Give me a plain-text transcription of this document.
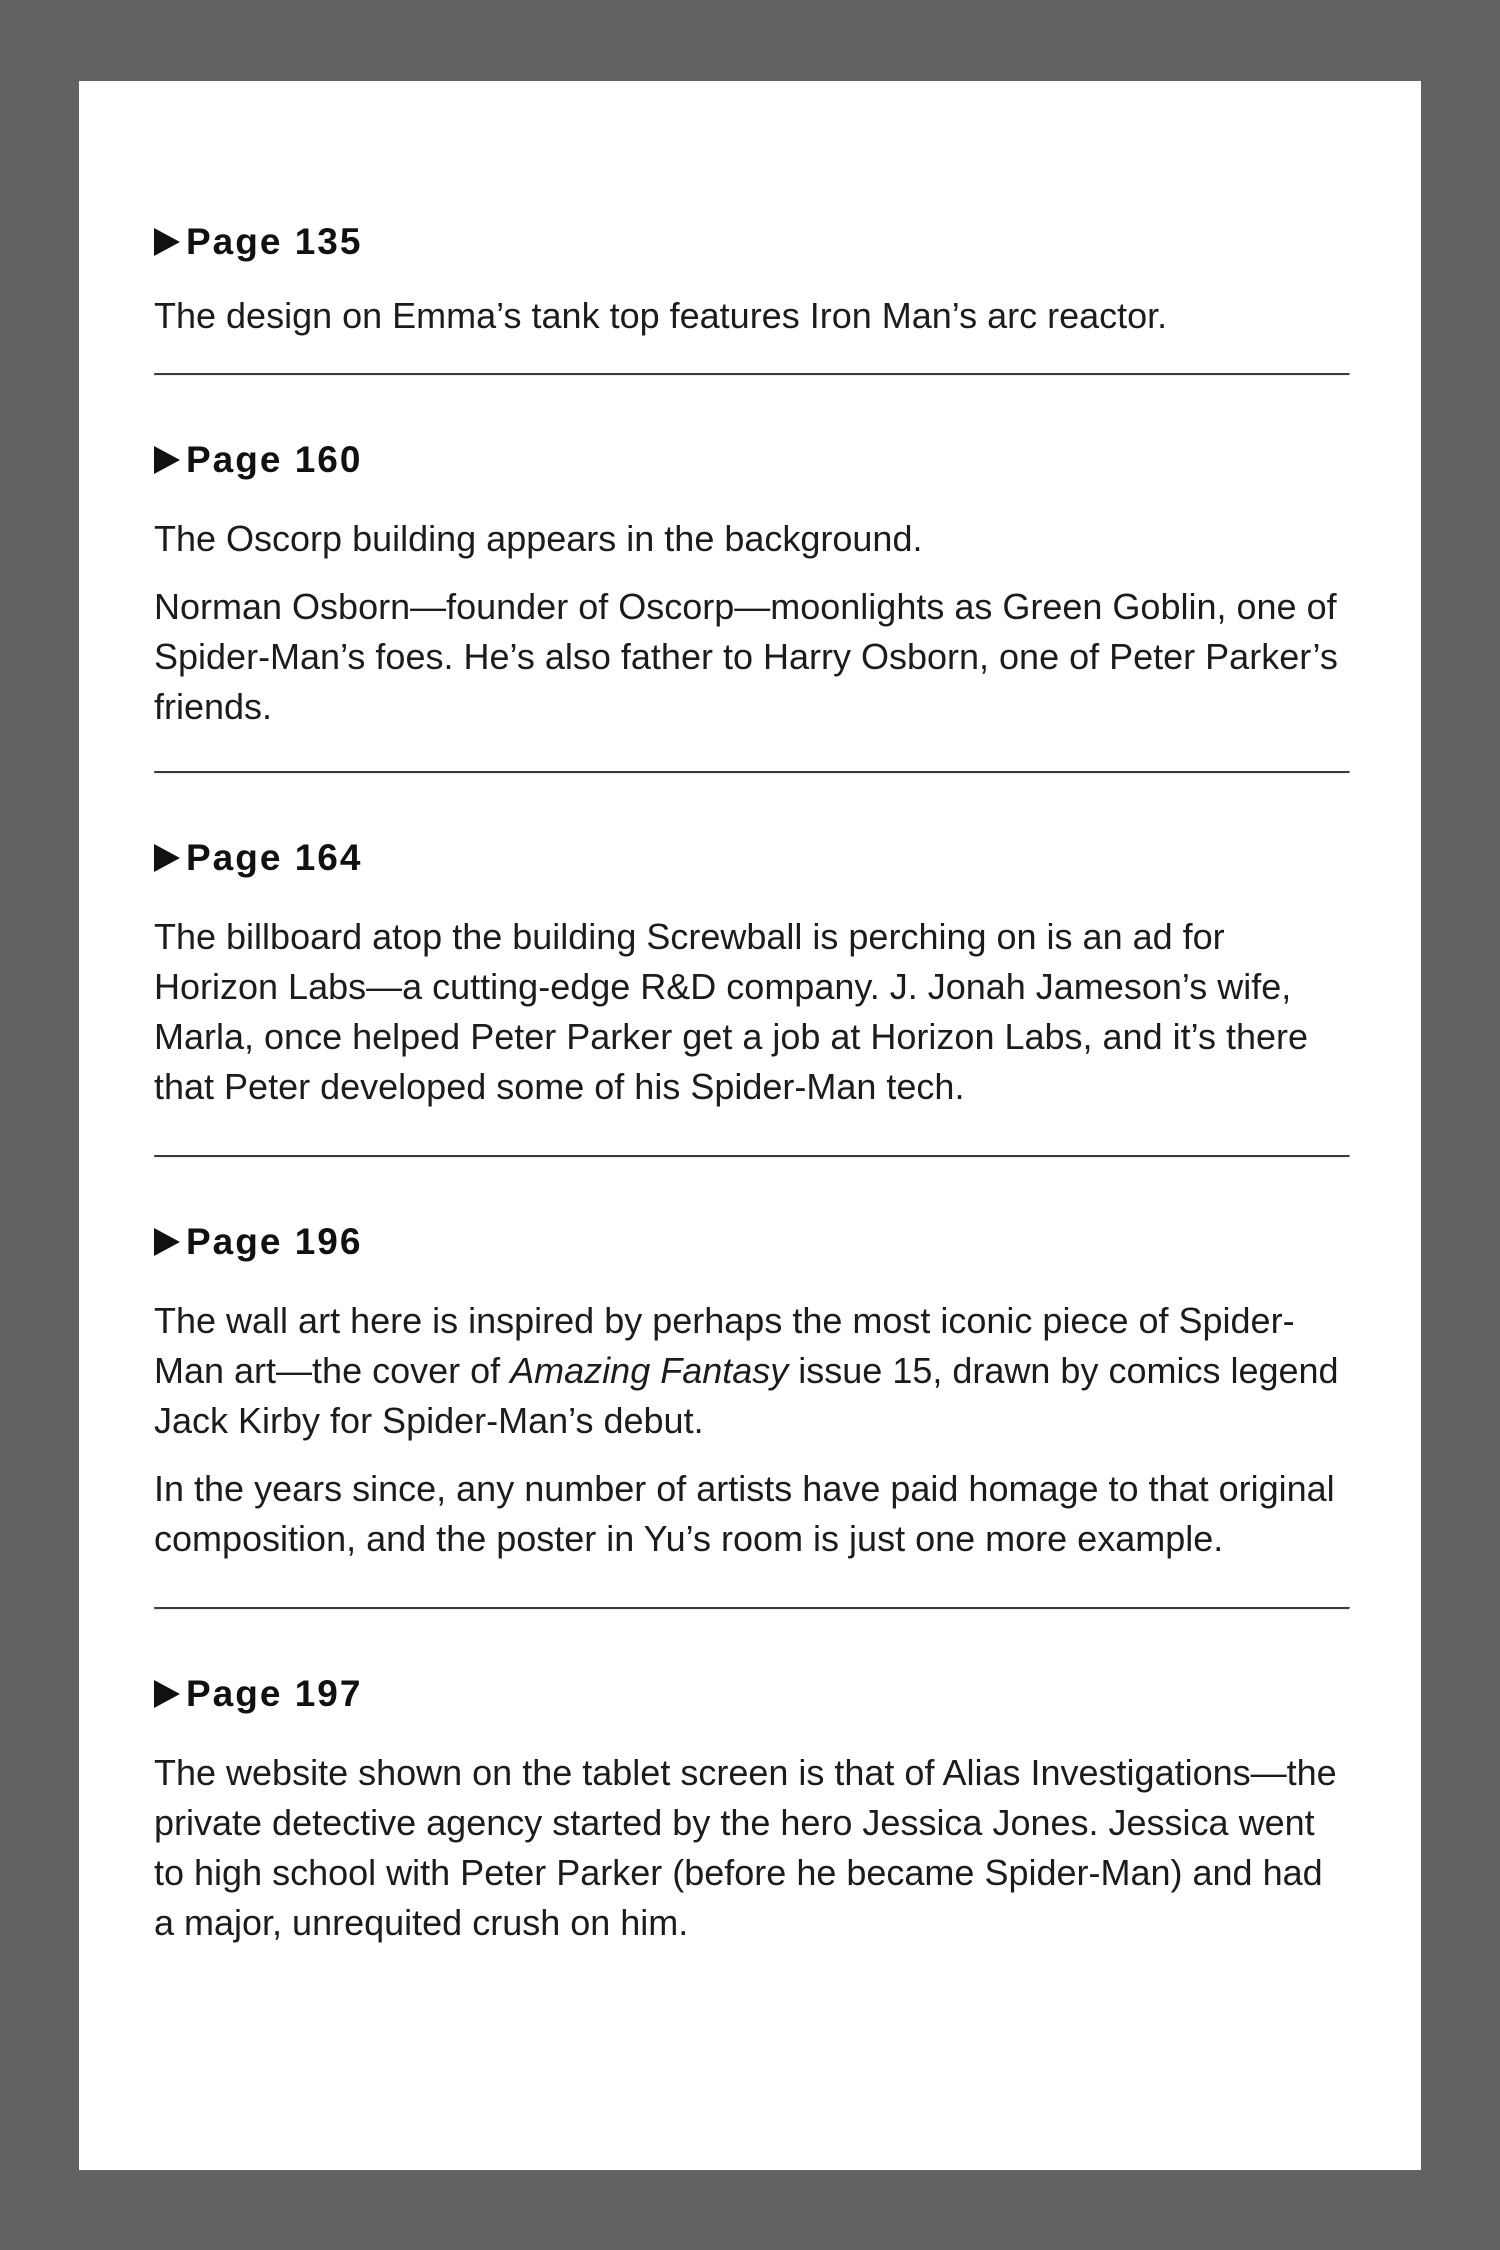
Page 135

The design on Emma’s tank top features Iron Man’s arc reactor.

Page 160

The Oscorp building appears in the background.

Norman Osborn—founder of Oscorp—moonlights as Green Goblin, one of Spider-Man’s foes. He’s also father to Harry Osborn, one of Peter Parker’s friends.

Page 164

The billboard atop the building Screwball is perching on is an ad for Horizon Labs—a cutting-edge R&D company. J. Jonah Jameson’s wife, Marla, once helped Peter Parker get a job at Horizon Labs, and it’s there that Peter developed some of his Spider-Man tech.

Page 196

The wall art here is inspired by perhaps the most iconic piece of Spider-Man art—the cover of Amazing Fantasy issue 15, drawn by comics legend Jack Kirby for Spider-Man’s debut.

In the years since, any number of artists have paid homage to that original composition, and the poster in Yu’s room is just one more example.

Page 197

The website shown on the tablet screen is that of Alias Investigations—the private detective agency started by the hero Jessica Jones. Jessica went to high school with Peter Parker (before he became Spider-Man) and had a major, unrequited crush on him.
